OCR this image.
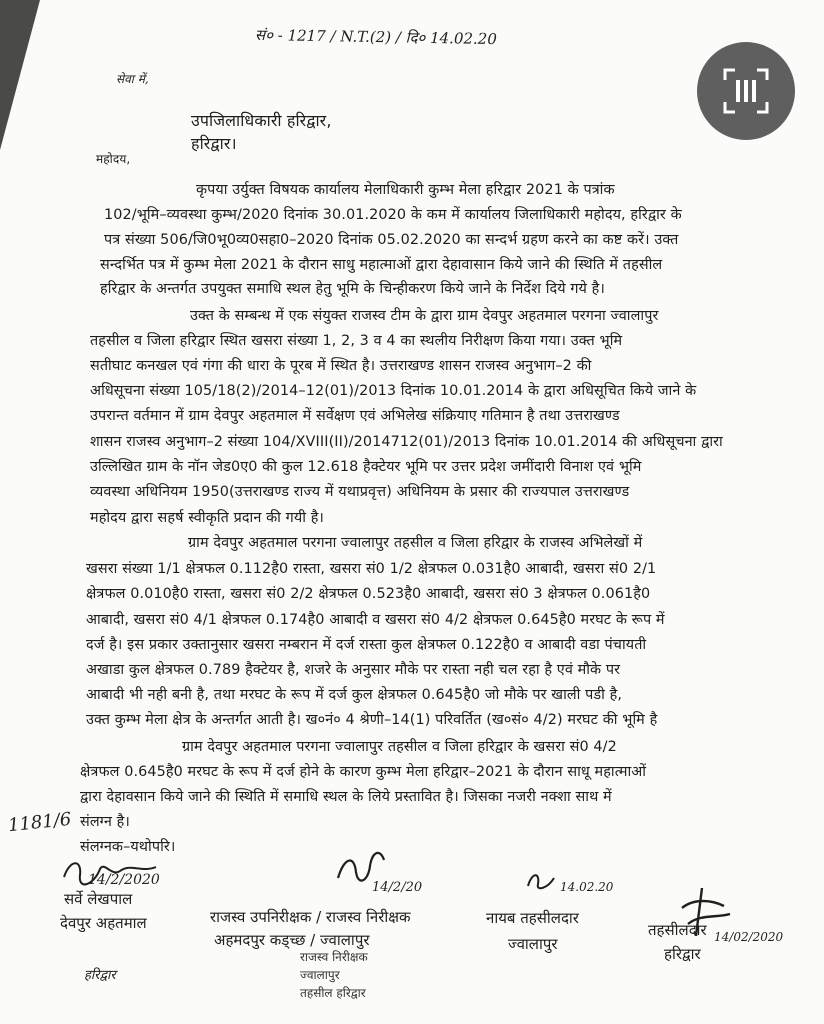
सं० - 1217 / N.T.(2) / दि० 14.02.20
सेवा में,
उपजिलाधिकारी हरिद्वार,
हरिद्वार।
महोदय,
कृपया उर्युक्त विषयक कार्यालय मेलाधिकारी कुम्भ मेला हरिद्वार 2021 के पत्रांक
102/भूमि–व्यवस्था कुम्भ/2020 दिनांक 30.01.2020 के कम में कार्यालय जिलाधिकारी महोदय, हरिद्वार के
पत्र संख्या 506/जि0भू0व्य0सहा0–2020 दिनांक 05.02.2020 का सन्दर्भ ग्रहण करने का कष्ट करें। उक्त
सन्दर्भित पत्र में कुम्भ मेला 2021 के दौरान साधु महात्माओं द्वारा देहावासान किये जाने की स्थिति में तहसील
हरिद्वार के अन्तर्गत उपयुक्त समाधि स्थल हेतु भूमि के चिन्हीकरण किये जाने के निर्देश दिये गये है।
उक्त के सम्बन्ध में एक संयुक्त राजस्व टीम के द्वारा ग्राम देवपुर अहतमाल परगना ज्वालापुर
तहसील व जिला हरिद्वार स्थित खसरा संख्या 1, 2, 3 व 4 का स्थलीय निरीक्षण किया गया। उक्त भूमि
सतीघाट कनखल एवं गंगा की धारा के पूरब में स्थित है। उत्तराखण्ड शासन राजस्व अनुभाग–2 की
अधिसूचना संख्या 105/18(2)/2014–12(01)/2013 दिनांक 10.01.2014 के द्वारा अधिसूचित किये जाने के
उपरान्त वर्तमान में ग्राम देवपुर अहतमाल में सर्वेक्षण एवं अभिलेख संक्रियाए गतिमान है तथा उत्तराखण्ड
शासन राजस्व अनुभाग–2 संख्या 104/XVIII(II)/2014712(01)/2013 दिनांक 10.01.2014 की अधिसूचना द्वारा
उल्लिखित ग्राम के नॉन जेड0ए0 की कुल 12.618 हैक्टेयर भूमि पर उत्तर प्रदेश जमींदारी विनाश एवं भूमि
व्यवस्था अधिनियम 1950(उत्तराखण्ड राज्य में यथाप्रवृत्त) अधिनियम के प्रसार की राज्यपाल उत्तराखण्ड
महोदय द्वारा सहर्ष स्वीकृति प्रदान की गयी है।
ग्राम देवपुर अहतमाल परगना ज्वालापुर तहसील व जिला हरिद्वार के राजस्व अभिलेखों में
खसरा संख्या 1/1 क्षेत्रफल 0.112है0 रास्ता, खसरा सं0 1/2 क्षेत्रफल 0.031है0 आबादी, खसरा सं0 2/1
क्षेत्रफल 0.010है0 रास्ता, खसरा सं0 2/2 क्षेत्रफल 0.523है0 आबादी, खसरा सं0 3 क्षेत्रफल 0.061है0
आबादी, खसरा सं0 4/1 क्षेत्रफल 0.174है0 आबादी व खसरा सं0 4/2 क्षेत्रफल 0.645है0 मरघट के रूप में
दर्ज है। इस प्रकार उक्तानुसार खसरा नम्बरान में दर्ज रास्ता कुल क्षेत्रफल 0.122है0 व आबादी वडा पंचायती
अखाडा कुल क्षेत्रफल 0.789 हैक्टेयर है, शजरे के अनुसार मौके पर रास्ता नही चल रहा है एवं मौके पर
आबादी भी नही बनी है, तथा मरघट के रूप में दर्ज कुल क्षेत्रफल 0.645है0 जो मौके पर खाली पडी है,
उक्त कुम्भ मेला क्षेत्र के अन्तर्गत आती है। ख०नं० 4 श्रेणी–14(1) परिवर्तित (ख०सं० 4/2) मरघट की भूमि है
ग्राम देवपुर अहतमाल परगना ज्वालापुर तहसील व जिला हरिद्वार के खसरा सं0 4/2
क्षेत्रफल 0.645है0 मरघट के रूप में दर्ज होने के कारण कुम्भ मेला हरिद्वार–2021 के दौरान साधू महात्माओं
द्वारा देहावसान किये जाने की स्थिति में समाधि स्थल के लिये प्रस्तावित है। जिसका नजरी नक्शा साथ में
संलग्न है।
संलग्नक–यथोपरि।
1181/6
14/2/2020
सर्वे लेखपाल
देवपुर अहतमाल
हरिद्वार
14/2/20
राजस्व उपनिरीक्षक / राजस्व निरीक्षक
अहमदपुर कड्च्छ / ज्वालापुर
राजस्व निरीक्षक
ज्वालापुर
तहसील हरिद्वार
14.02.20
नायब तहसीलदार
ज्वालापुर
तहसीलदार 14/02/2020
हरिद्वार
